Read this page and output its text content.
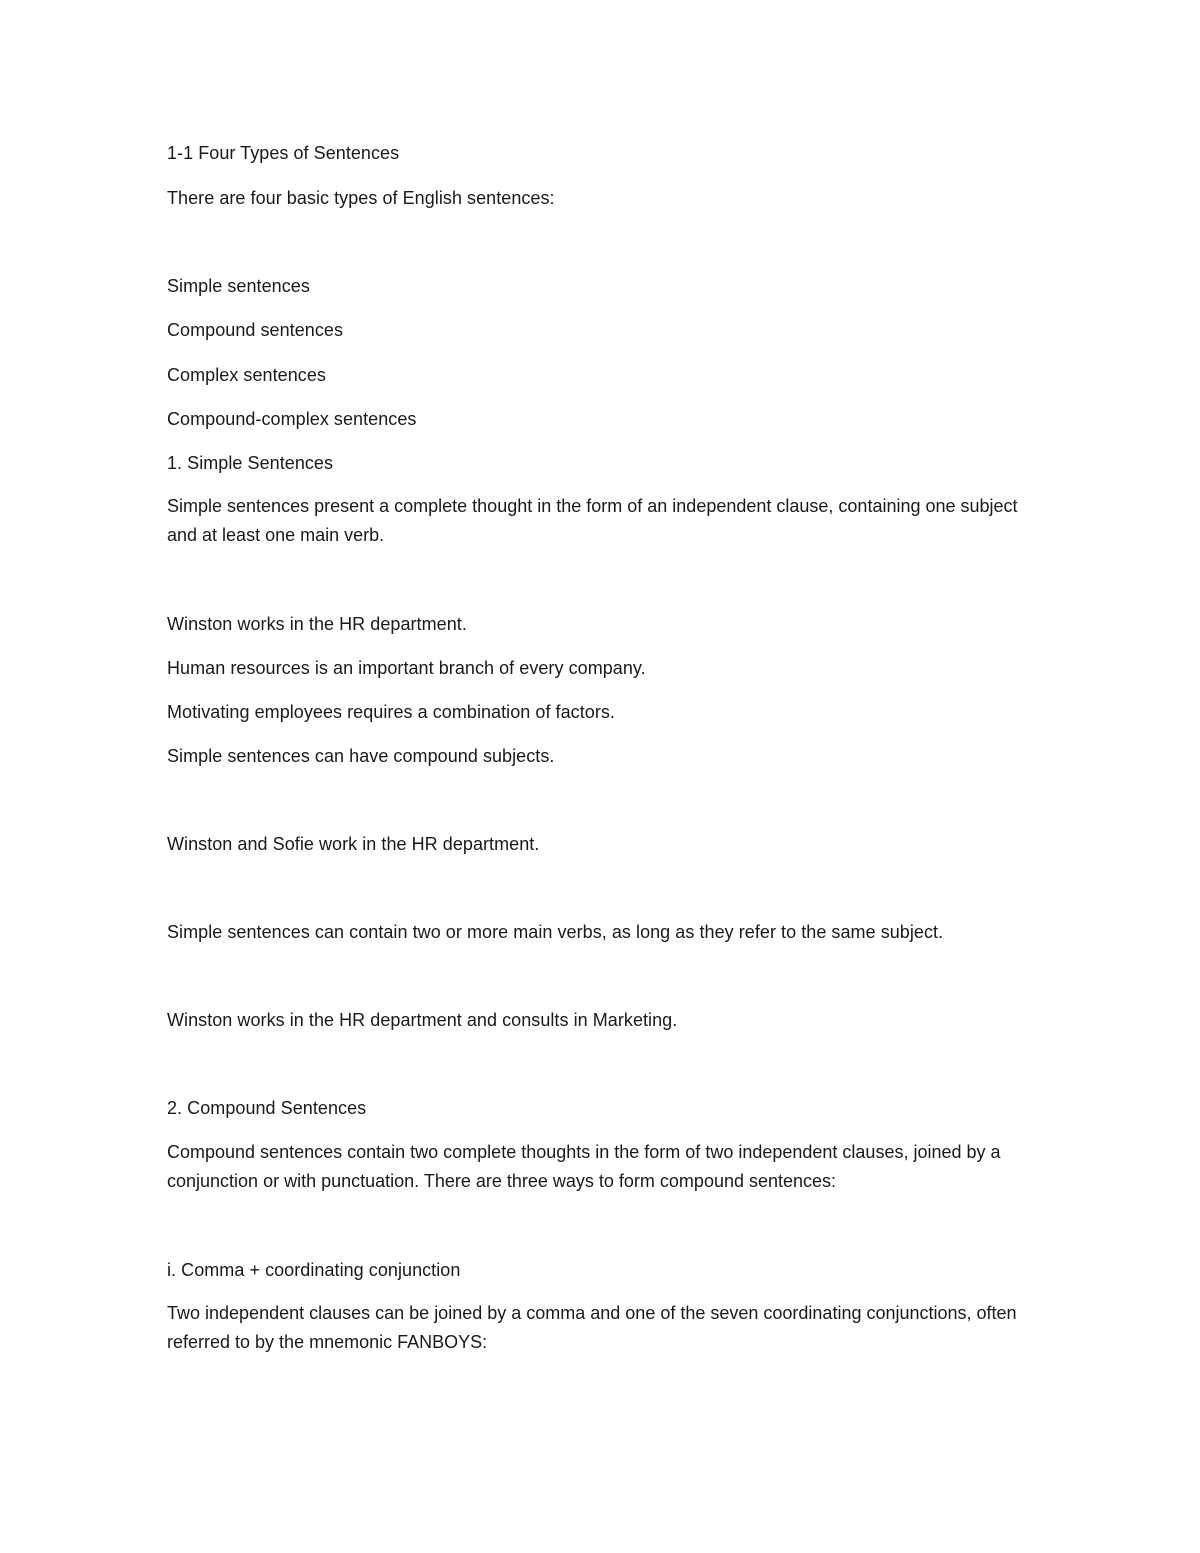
1-1 Four Types of Sentences
There are four basic types of English sentences:
Simple sentences
Compound sentences
Complex sentences
Compound-complex sentences
1. Simple Sentences
Simple sentences present a complete thought in the form of an independent clause, containing one subject and at least one main verb.
Winston works in the HR department.
Human resources is an important branch of every company.
Motivating employees requires a combination of factors.
Simple sentences can have compound subjects.
Winston and Sofie work in the HR department.
Simple sentences can contain two or more main verbs, as long as they refer to the same subject.
Winston works in the HR department and consults in Marketing.
2. Compound Sentences
Compound sentences contain two complete thoughts in the form of two independent clauses, joined by a conjunction or with punctuation. There are three ways to form compound sentences:
i. Comma + coordinating conjunction
Two independent clauses can be joined by a comma and one of the seven coordinating conjunctions, often referred to by the mnemonic FANBOYS:
